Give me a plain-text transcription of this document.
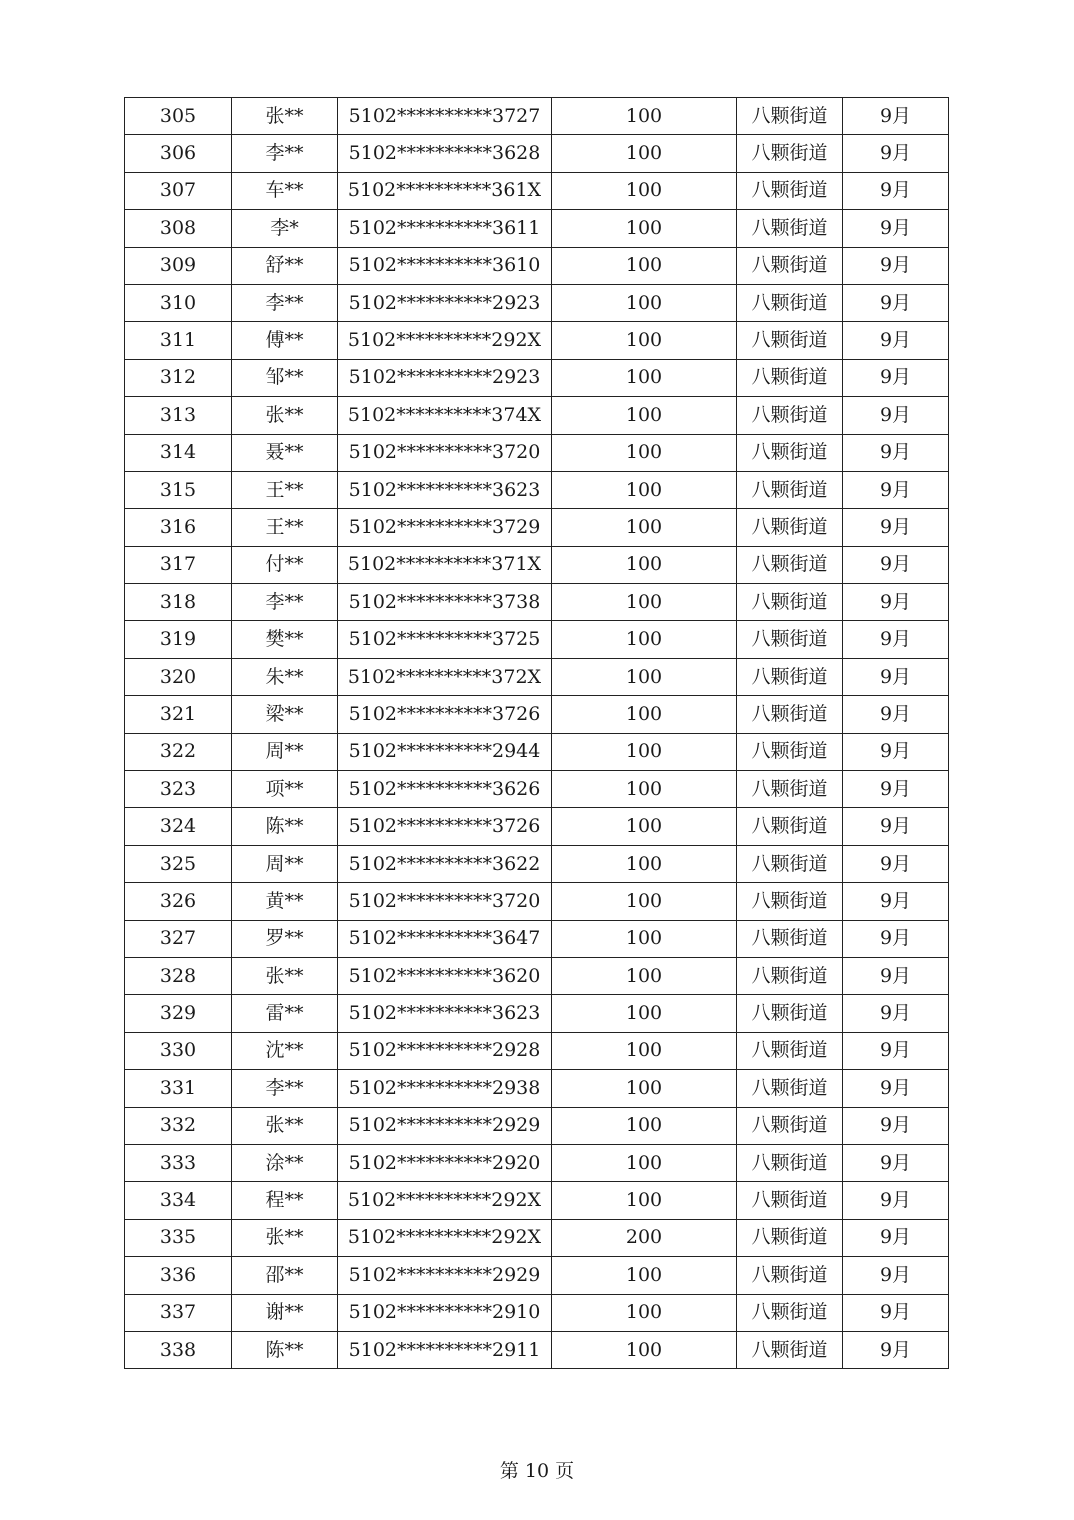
305	张**	5102**********3727	100	八颗街道	9月
306	李**	5102**********3628	100	八颗街道	9月
307	车**	5102**********361X	100	八颗街道	9月
308	李*	5102**********3611	100	八颗街道	9月
309	舒**	5102**********3610	100	八颗街道	9月
310	李**	5102**********2923	100	八颗街道	9月
311	傅**	5102**********292X	100	八颗街道	9月
312	邹**	5102**********2923	100	八颗街道	9月
313	张**	5102**********374X	100	八颗街道	9月
314	聂**	5102**********3720	100	八颗街道	9月
315	王**	5102**********3623	100	八颗街道	9月
316	王**	5102**********3729	100	八颗街道	9月
317	付**	5102**********371X	100	八颗街道	9月
318	李**	5102**********3738	100	八颗街道	9月
319	樊**	5102**********3725	100	八颗街道	9月
320	朱**	5102**********372X	100	八颗街道	9月
321	梁**	5102**********3726	100	八颗街道	9月
322	周**	5102**********2944	100	八颗街道	9月
323	项**	5102**********3626	100	八颗街道	9月
324	陈**	5102**********3726	100	八颗街道	9月
325	周**	5102**********3622	100	八颗街道	9月
326	黄**	5102**********3720	100	八颗街道	9月
327	罗**	5102**********3647	100	八颗街道	9月
328	张**	5102**********3620	100	八颗街道	9月
329	雷**	5102**********3623	100	八颗街道	9月
330	沈**	5102**********2928	100	八颗街道	9月
331	李**	5102**********2938	100	八颗街道	9月
332	张**	5102**********2929	100	八颗街道	9月
333	涂**	5102**********2920	100	八颗街道	9月
334	程**	5102**********292X	100	八颗街道	9月
335	张**	5102**********292X	200	八颗街道	9月
336	邵**	5102**********2929	100	八颗街道	9月
337	谢**	5102**********2910	100	八颗街道	9月
338	陈**	5102**********2911	100	八颗街道	9月
第 10 页
